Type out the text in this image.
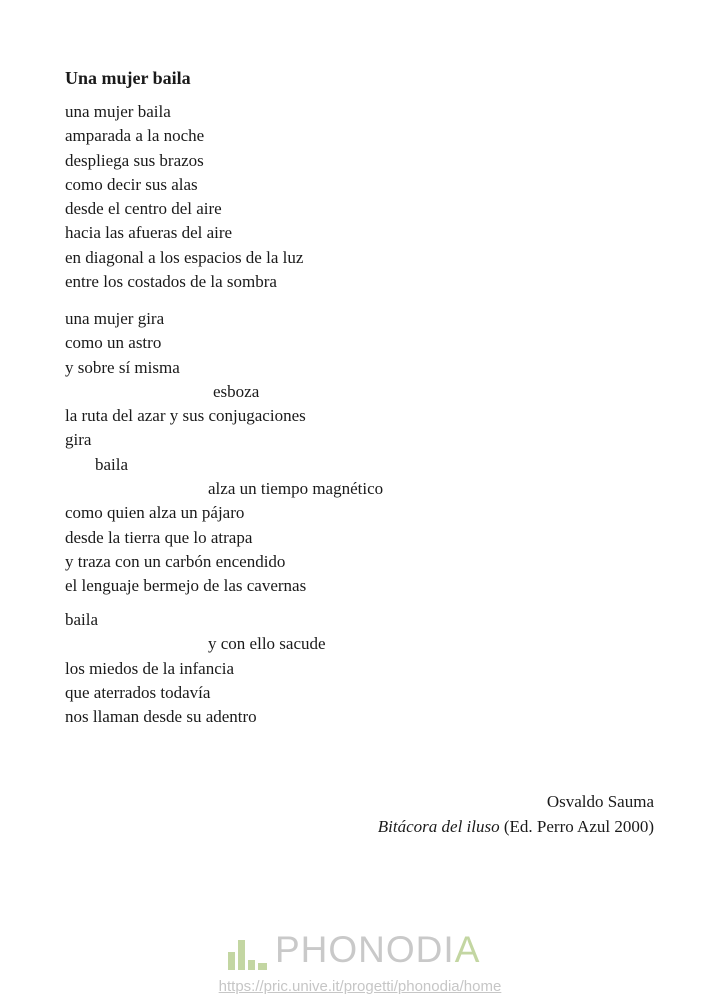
Una mujer baila
una mujer baila
amparada a la noche
despliega sus brazos
como decir sus alas
desde el centro del aire
hacia las afueras del aire
en diagonal a los espacios de la luz
entre los costados de la sombra
una mujer gira
como un astro
y sobre sí misma
esboza
la ruta del azar y sus conjugaciones
gira
baila
alza un tiempo magnético
como quien alza un pájaro
desde la tierra que lo atrapa
y traza con un carbón encendido
el lenguaje bermejo de las cavernas
baila
y con ello sacude
los miedos de la infancia
que aterrados todavía
nos llaman desde su adentro
Osvaldo Sauma
Bitácora del iluso (Ed. Perro Azul 2000)
PHONODIA
https://pric.unive.it/progetti/phonodia/home
